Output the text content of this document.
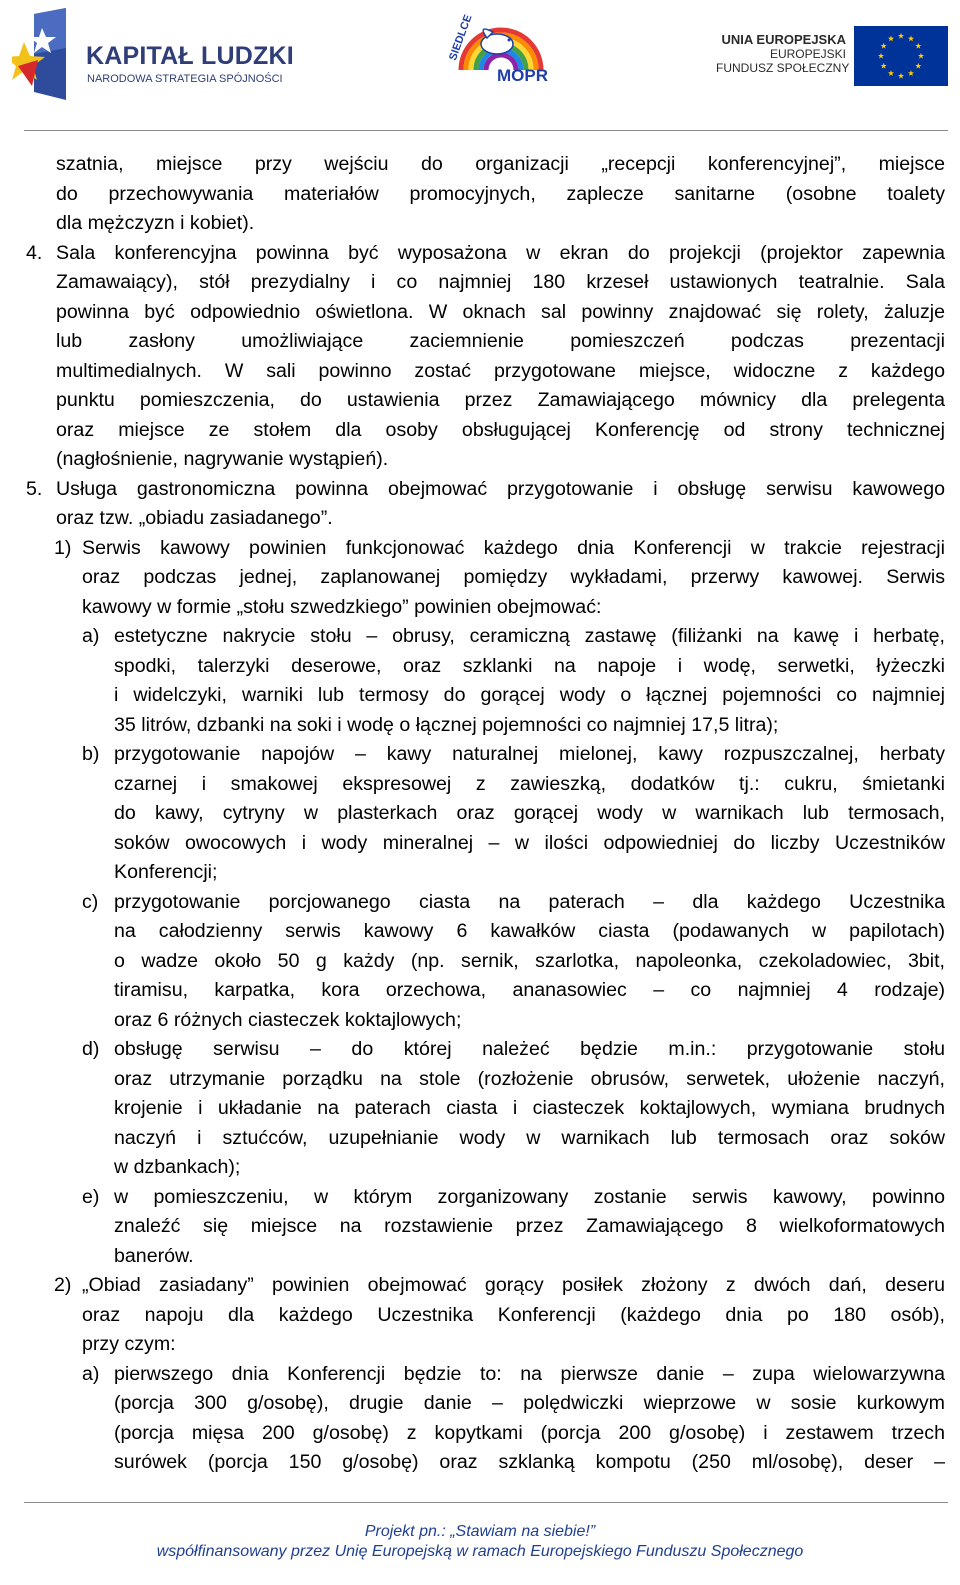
KAPITAŁ LUDZKI
NARODOWA STRATEGIA SPÓJNOŚCI
SIEDLCE
MOPR
UNIA EUROPEJSKA
EUROPEJSKI
FUNDUSZ SPOŁECZNY
szatnia, miejsce przy wejściu do organizacji „recepcji konferencyjnej”, miejsce
do przechowywania materiałów promocyjnych, zaplecze sanitarne (osobne toalety
dla mężczyzn i kobiet).
4. Sala konferencyjna powinna być wyposażona w ekran do projekcji (projektor zapewnia
Zamawaiący), stół prezydialny i co najmniej 180 krzeseł ustawionych teatralnie. Sala
powinna być odpowiednio oświetlona. W oknach sal powinny znajdować się rolety, żaluzje
lub zasłony umożliwiające zaciemnienie pomieszczeń podczas prezentacji
multimedialnych. W sali powinno zostać przygotowane miejsce, widoczne z każdego
punktu pomieszczenia, do ustawienia przez Zamawiającego mównicy dla prelegenta
oraz miejsce ze stołem dla osoby obsługującej Konferencję od strony technicznej
(nagłośnienie, nagrywanie wystąpień).
5. Usługa gastronomiczna powinna obejmować przygotowanie i obsługę serwisu kawowego
oraz tzw. „obiadu zasiadanego”.
1) Serwis kawowy powinien funkcjonować każdego dnia Konferencji w trakcie rejestracji
oraz podczas jednej, zaplanowanej pomiędzy wykładami, przerwy kawowej. Serwis
kawowy w formie „stołu szwedzkiego” powinien obejmować:
a) estetyczne nakrycie stołu – obrusy, ceramiczną zastawę (filiżanki na kawę i herbatę,
spodki, talerzyki deserowe, oraz szklanki na napoje i wodę, serwetki, łyżeczki
i widelczyki, warniki lub termosy do gorącej wody o łącznej pojemności co najmniej
35 litrów, dzbanki na soki i wodę o łącznej pojemności co najmniej 17,5 litra);
b) przygotowanie napojów – kawy naturalnej mielonej, kawy rozpuszczalnej, herbaty
czarnej i smakowej ekspresowej z zawieszką, dodatków tj.: cukru, śmietanki
do kawy, cytryny w plasterkach oraz gorącej wody w warnikach lub termosach,
soków owocowych i wody mineralnej – w ilości odpowiedniej do liczby Uczestników
Konferencji;
c) przygotowanie porcjowanego ciasta na paterach – dla każdego Uczestnika
na całodzienny serwis kawowy 6 kawałków ciasta (podawanych w papilotach)
o wadze około 50 g każdy (np. sernik, szarlotka, napoleonka, czekoladowiec, 3bit,
tiramisu, karpatka, kora orzechowa, ananasowiec – co najmniej 4 rodzaje)
oraz 6 różnych ciasteczek koktajlowych;
d) obsługę serwisu – do której należeć będzie m.in.: przygotowanie stołu
oraz utrzymanie porządku na stole (rozłożenie obrusów, serwetek, ułożenie naczyń,
krojenie i układanie na paterach ciasta i ciasteczek koktajlowych, wymiana brudnych
naczyń i sztućców, uzupełnianie wody w warnikach lub termosach oraz soków
w dzbankach);
e) w pomieszczeniu, w którym zorganizowany zostanie serwis kawowy, powinno
znaleźć się miejsce na rozstawienie przez Zamawiającego 8 wielkoformatowych
banerów.
2) „Obiad zasiadany” powinien obejmować gorący posiłek złożony z dwóch dań, deseru
oraz napoju dla każdego Uczestnika Konferencji (każdego dnia po 180 osób),
przy czym:
a) pierwszego dnia Konferencji będzie to: na pierwsze danie – zupa wielowarzywna
(porcja 300 g/osobę), drugie danie – polędwiczki wieprzowe w sosie kurkowym
(porcja mięsa 200 g/osobę) z kopytkami (porcja 200 g/osobę) i zestawem trzech
surówek (porcja 150 g/osobę) oraz szklanką kompotu (250 ml/osobę), deser –
Projekt pn.: „Stawiam na siebie!”
współfinansowany przez Unię Europejską w ramach Europejskiego Funduszu Społecznego
